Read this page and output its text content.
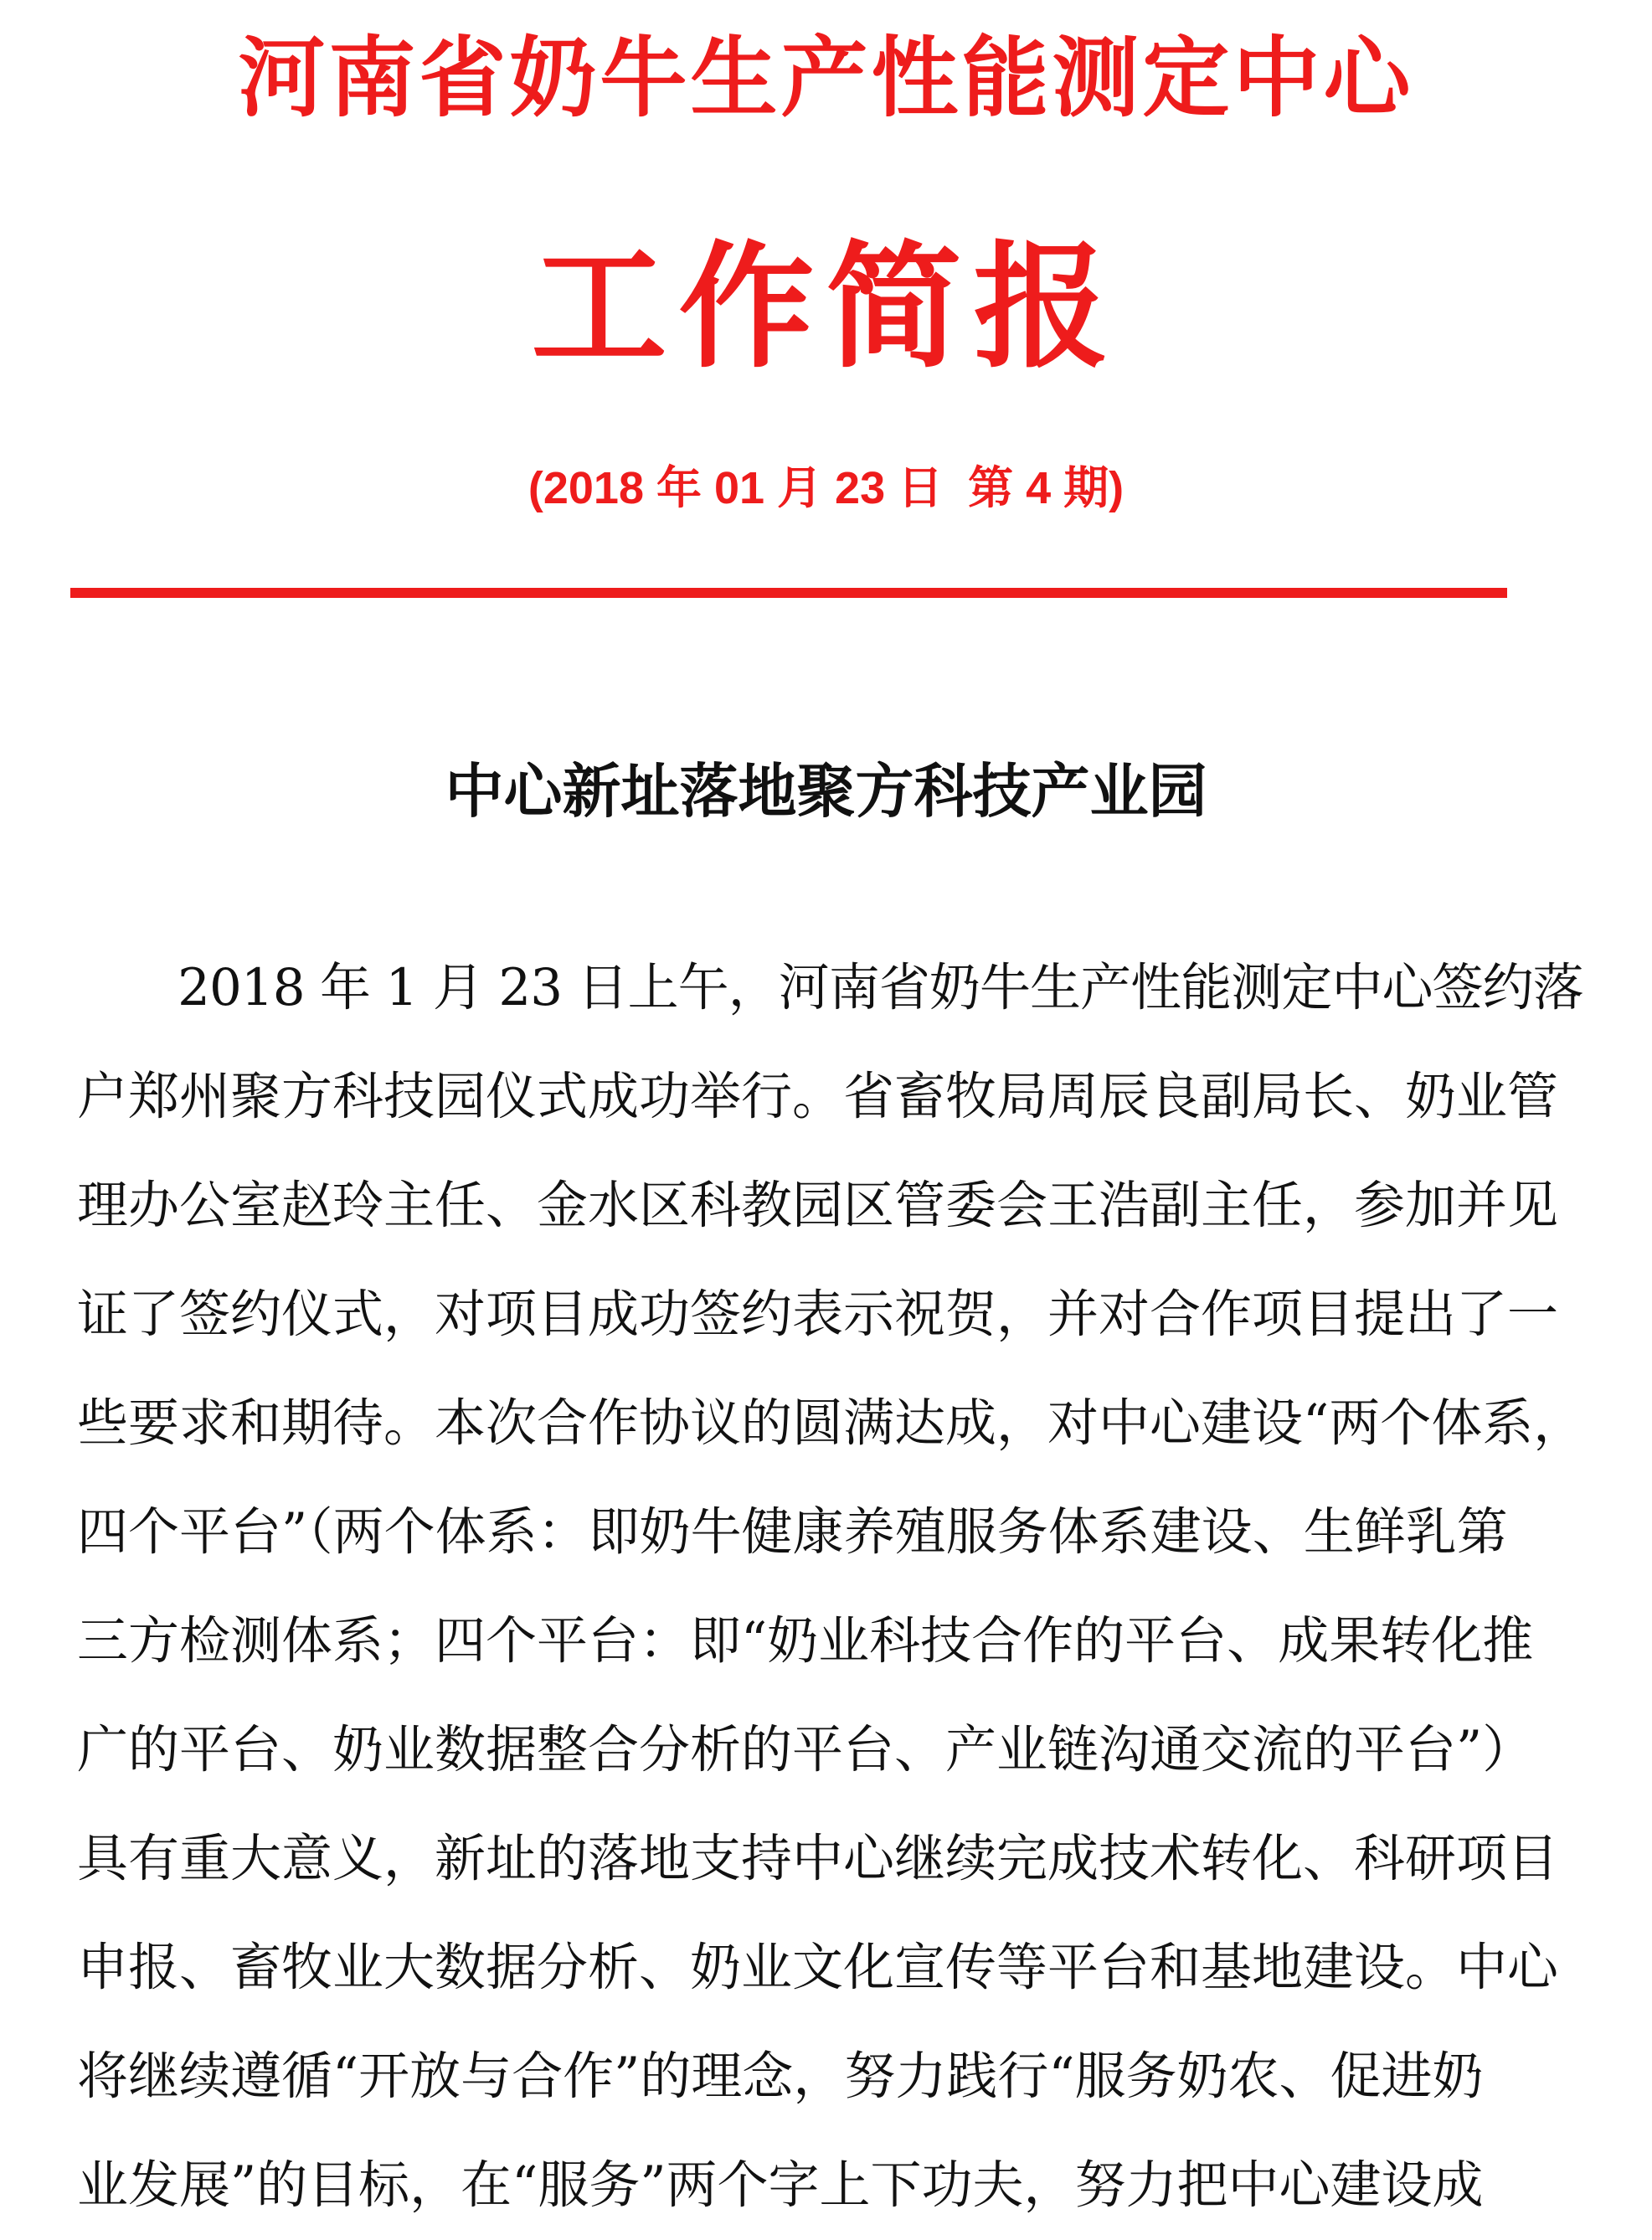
河南省奶牛生产性能测定中心
工作简报
(2018 年 01 月 23 日  第 4 期)
中心新址落地聚方科技产业园
　　2018 年 1 月 23 日上午，河南省奶牛生产性能测定中心签约落
户郑州聚方科技园仪式成功举行。省畜牧局周辰良副局长、奶业管
理办公室赵玲主任、金水区科教园区管委会王浩副主任，参加并见
证了签约仪式，对项目成功签约表示祝贺，并对合作项目提出了一
些要求和期待。本次合作协议的圆满达成，对中心建设“两个体系，
四个平台”（两个体系：即奶牛健康养殖服务体系建设、生鲜乳第
三方检测体系；四个平台：即“奶业科技合作的平台、成果转化推
广的平台、奶业数据整合分析的平台、产业链沟通交流的平台”）
具有重大意义，新址的落地支持中心继续完成技术转化、科研项目
申报、畜牧业大数据分析、奶业文化宣传等平台和基地建设。中心
将继续遵循“开放与合作”的理念，努力践行“服务奶农、促进奶
业发展”的目标，在“服务”两个字上下功夫，努力把中心建设成
